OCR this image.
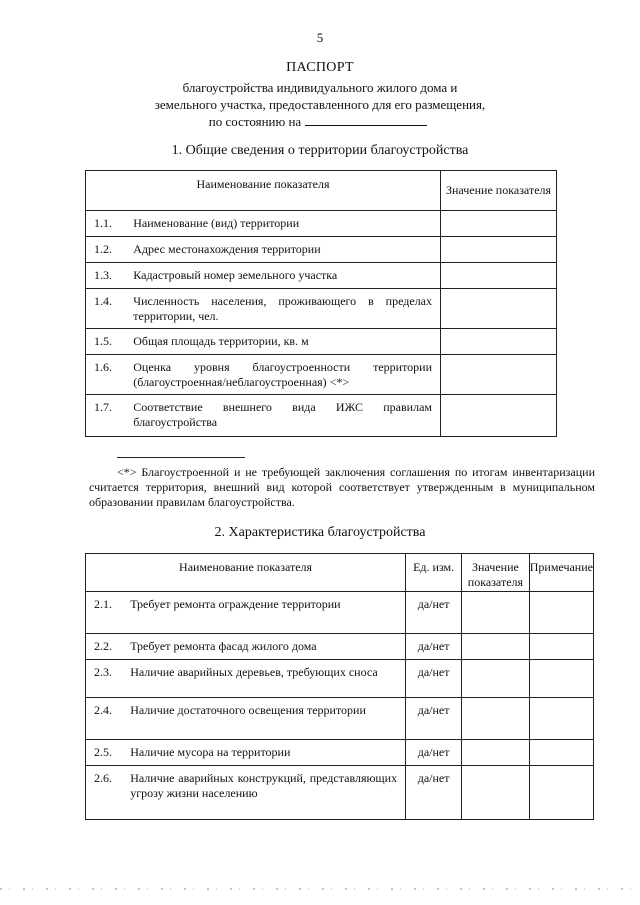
5
ПАСПОРТ
благоустройства индивидуального жилого дома и
земельного участка, предоставленного для его размещения,
по состоянию на
1. Общие сведения о территории благоустройства
Наименование показателя		Значение показателя
1.1.	Наименование (вид) территории	
1.2.	Адрес местонахождения территории	
1.3.	Кадастровый номер земельного участка	
1.4.	Численность населения, проживающего в пределах территории, чел.	
1.5.	Общая площадь территории, кв. м	
1.6.	Оценка уровня благоустроенности территории (благоустроенная/неблагоустроенная) <*>	
1.7.	Соответствие внешнего вида ИЖС правилам благоустройства	
<*> Благоустроенной и не требующей заключения соглашения по итогам инвентаризации считается территория, внешний вид которой соответствует утвержденным в муниципальном образовании правилам благоустройства.
2. Характеристика благоустройства
Наименование показателя		Ед. изм.	Значение показателя	Примечание
2.1.	Требует ремонта ограждение территории	да/нет		
2.2.	Требует ремонта фасад жилого дома	да/нет		
2.3.	Наличие аварийных деревьев, требующих сноса	да/нет		
2.4.	Наличие достаточного освещения территории	да/нет		
2.5.	Наличие мусора на территории	да/нет		
2.6.	Наличие аварийных конструкций, представляющих угрозу жизни населению	да/нет		
